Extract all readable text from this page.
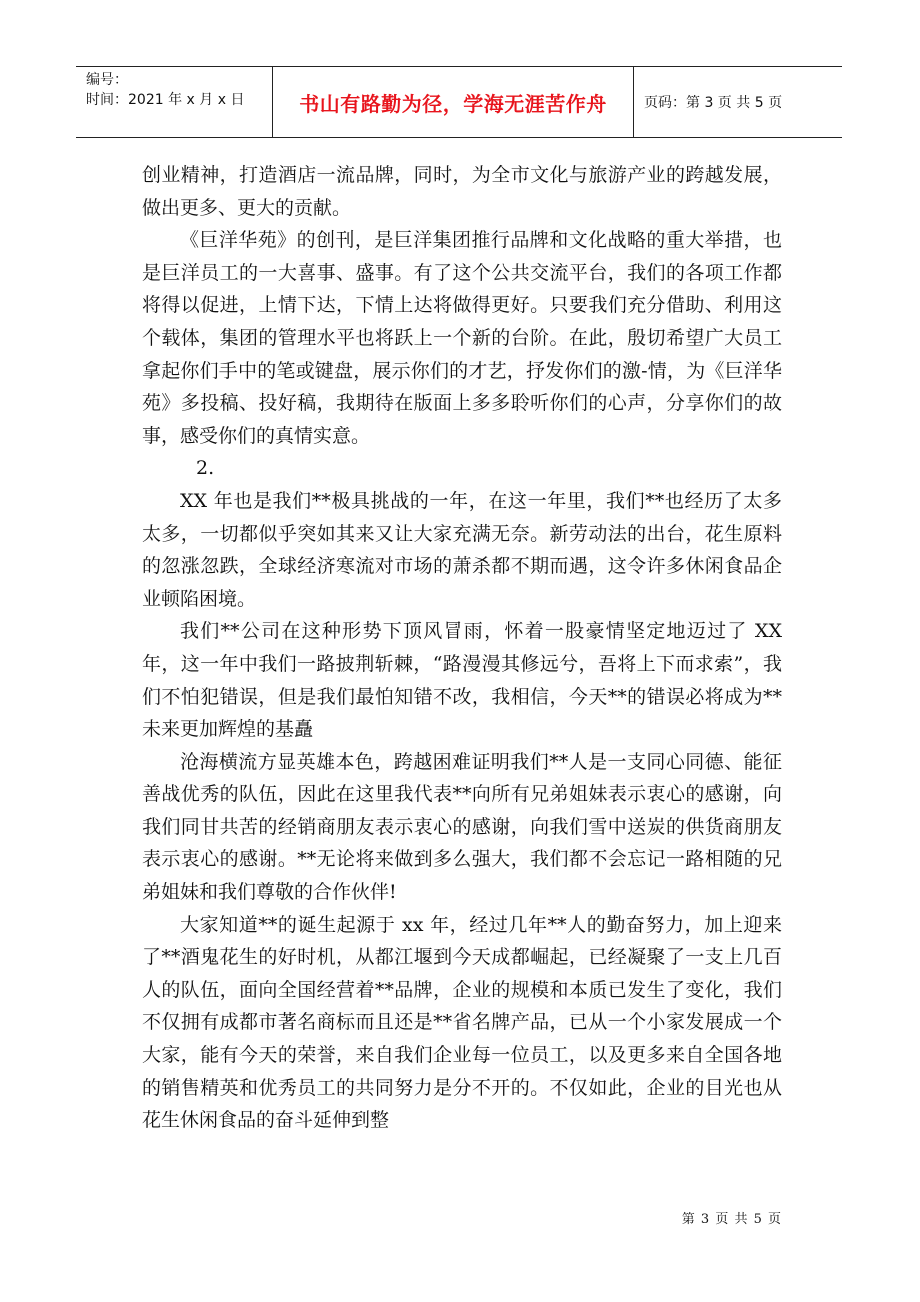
编号：
时间：2021 年 x 月 x 日	书山有路勤为径，学海无涯苦作舟	页码：第 3 页 共 5 页

创业精神，打造酒店一流品牌，同时，为全市文化与旅游产业的跨越发展，做出更多、更大的贡献。

《巨洋华苑》的创刊，是巨洋集团推行品牌和文化战略的重大举措，也是巨洋员工的一大喜事、盛事。有了这个公共交流平台，我们的各项工作都将得以促进，上情下达，下情上达将做得更好。只要我们充分借助、利用这个载体，集团的管理水平也将跃上一个新的台阶。在此，殷切希望广大员工拿起你们手中的笔或键盘，展示你们的才艺，抒发你们的激-情，为《巨洋华苑》多投稿、投好稿，我期待在版面上多多聆听你们的心声，分享你们的故事，感受你们的真情实意。

2.

XX 年也是我们**极具挑战的一年，在这一年里，我们**也经历了太多太多，一切都似乎突如其来又让大家充满无奈。新劳动法的出台，花生原料的忽涨忽跌，全球经济寒流对市场的萧杀都不期而遇，这令许多休闲食品企业顿陷困境。

我们**公司在这种形势下顶风冒雨，怀着一股豪情坚定地迈过了 XX 年，这一年中我们一路披荆斩棘，“路漫漫其修远兮，吾将上下而求索”，我们不怕犯错误，但是我们最怕知错不改，我相信，今天**的错误必将成为**未来更加辉煌的基矗

沧海横流方显英雄本色，跨越困难证明我们**人是一支同心同德、能征善战优秀的队伍，因此在这里我代表**向所有兄弟姐妹表示衷心的感谢，向我们同甘共苦的经销商朋友表示衷心的感谢，向我们雪中送炭的供货商朋友表示衷心的感谢。**无论将来做到多么强大，我们都不会忘记一路相随的兄弟姐妹和我们尊敬的合作伙伴!

大家知道**的诞生起源于 xx 年，经过几年**人的勤奋努力，加上迎来了**酒鬼花生的好时机，从都江堰到今天成都崛起，已经凝聚了一支上几百人的队伍，面向全国经营着**品牌，企业的规模和本质已发生了变化，我们不仅拥有成都市著名商标而且还是**省名牌产品，已从一个小家发展成一个大家，能有今天的荣誉，来自我们企业每一位员工，以及更多来自全国各地的销售精英和优秀员工的共同努力是分不开的。不仅如此，企业的目光也从花生休闲食品的奋斗延伸到整

第 3 页 共 5 页
